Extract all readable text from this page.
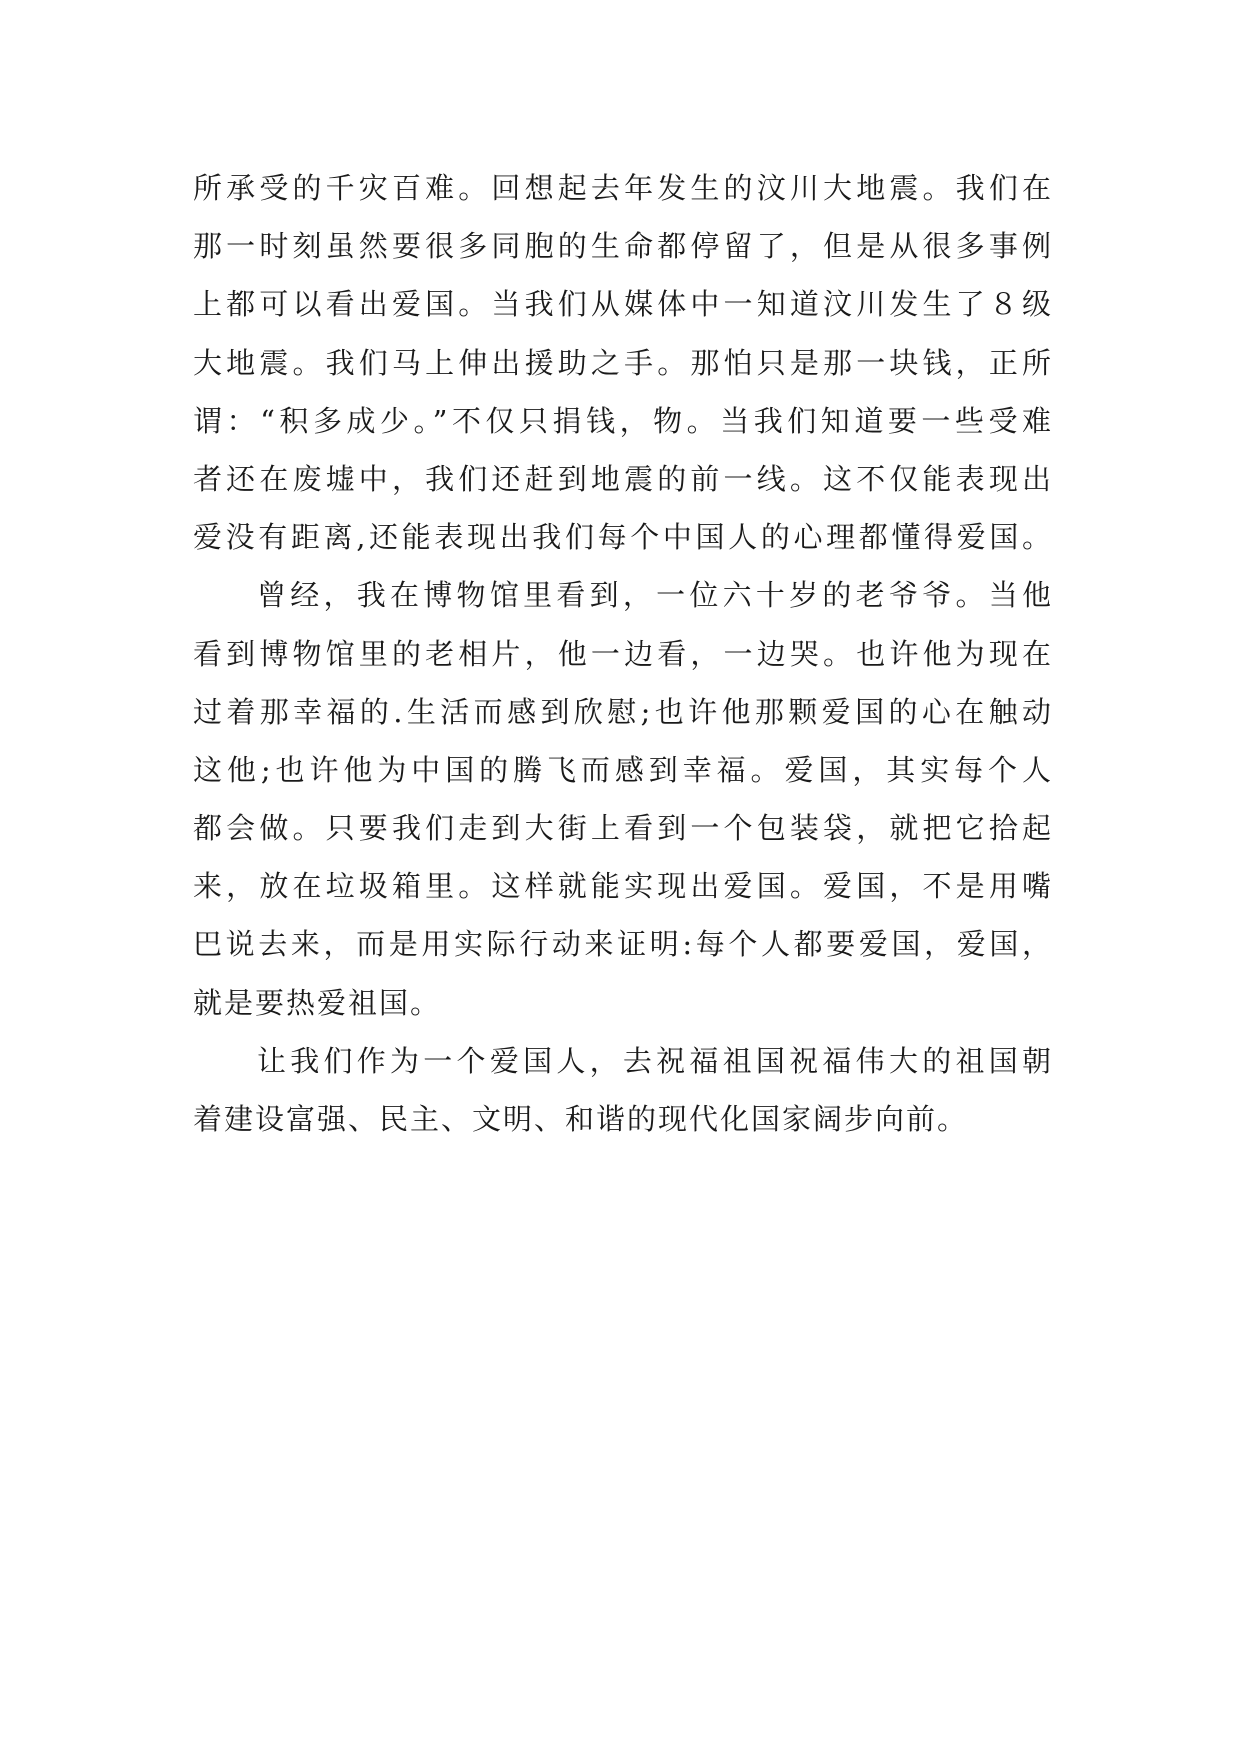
所承受的千灾百难。回想起去年发生的汶川大地震。我们在
那一时刻虽然要很多同胞的生命都停留了，但是从很多事例
上都可以看出爱国。当我们从媒体中一知道汶川发生了８级
大地震。我们马上伸出援助之手。那怕只是那一块钱，正所
谓：“积多成少。”不仅只捐钱，物。当我们知道要一些受难
者还在废墟中，我们还赶到地震的前一线。这不仅能表现出
爱没有距离,还能表现出我们每个中国人的心理都懂得爱国。
曾经，我在博物馆里看到，一位六十岁的老爷爷。当他
看到博物馆里的老相片，他一边看，一边哭。也许他为现在
过着那幸福的.生活而感到欣慰;也许他那颗爱国的心在触动
这他;也许他为中国的腾飞而感到幸福。爱国，其实每个人
都会做。只要我们走到大街上看到一个包装袋，就把它拾起
来，放在垃圾箱里。这样就能实现出爱国。爱国，不是用嘴
巴说去来，而是用实际行动来证明:每个人都要爱国，爱国，
就是要热爱祖国。
让我们作为一个爱国人，去祝福祖国祝福伟大的祖国朝
着建设富强、民主、文明、和谐的现代化国家阔步向前。
